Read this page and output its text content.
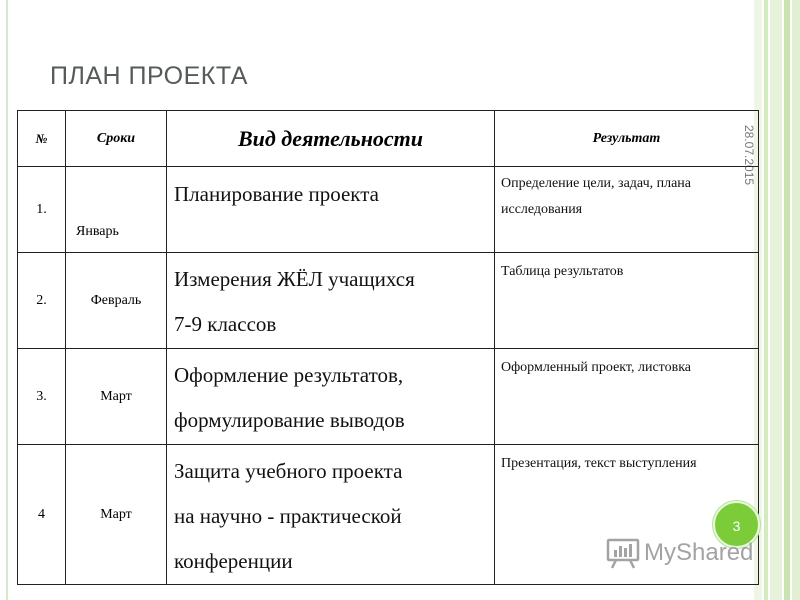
ПЛАН ПРОЕКТА
28.07.2015
№	Сроки	Вид деятельности	Результат
1.	Январь	Планирование проекта	Определение цели, задач, плана
исследования

2.	Февраль	Измерения ЖЁЛ учащихся
7-9 классов	Таблица результатов

3.	Март	Оформление результатов,
формулирование выводов	Оформленный проект, листовка

4	Март	Защита учебного проекта
на научно - практической
конференции	Презентация, текст выступления
3
MyShared
